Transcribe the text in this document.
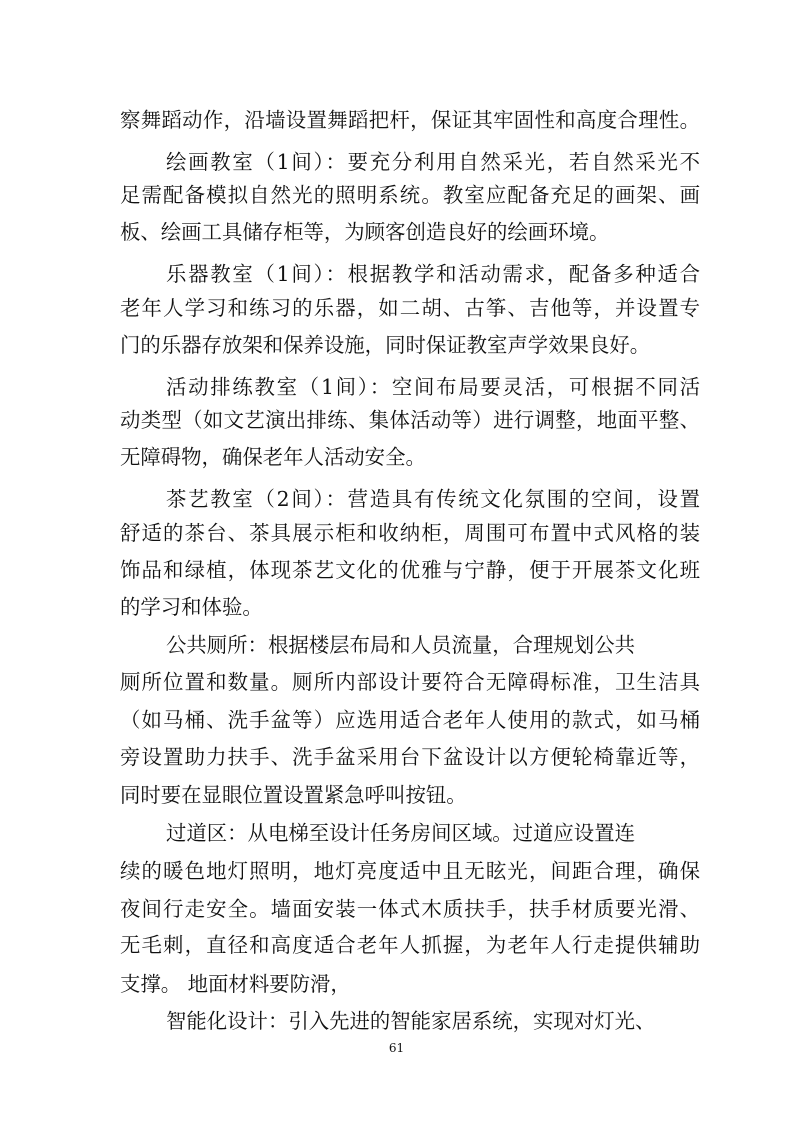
察舞蹈动作，沿墙设置舞蹈把杆，保证其牢固性和高度合理性。
绘画教室（1间）：要充分利用自然采光，若自然采光不
足需配备模拟自然光的照明系统。教室应配备充足的画架、画
板、绘画工具储存柜等，为顾客创造良好的绘画环境。
乐器教室（1间）：根据教学和活动需求，配备多种适合
老年人学习和练习的乐器，如二胡、古筝、吉他等，并设置专
门的乐器存放架和保养设施，同时保证教室声学效果良好。
活动排练教室（1间）：空间布局要灵活，可根据不同活
动类型（如文艺演出排练、集体活动等）进行调整，地面平整、
无障碍物，确保老年人活动安全。
茶艺教室（2间）：营造具有传统文化氛围的空间，设置
舒适的茶台、茶具展示柜和收纳柜，周围可布置中式风格的装
饰品和绿植，体现茶艺文化的优雅与宁静，便于开展茶文化班
的学习和体验。
公共厕所：根据楼层布局和人员流量，合理规划公共
厕所位置和数量。厕所内部设计要符合无障碍标准，卫生洁具
（如马桶、洗手盆等）应选用适合老年人使用的款式，如马桶
旁设置助力扶手、洗手盆采用台下盆设计以方便轮椅靠近等，
同时要在显眼位置设置紧急呼叫按钮。
过道区：从电梯至设计任务房间区域。过道应设置连
续的暖色地灯照明，地灯亮度适中且无眩光，间距合理，确保
夜间行走安全。墙面安装一体式木质扶手，扶手材质要光滑、
无毛刺，直径和高度适合老年人抓握，为老年人行走提供辅助
支撑。 地面材料要防滑，
智能化设计：引入先进的智能家居系统，实现对灯光、
61
